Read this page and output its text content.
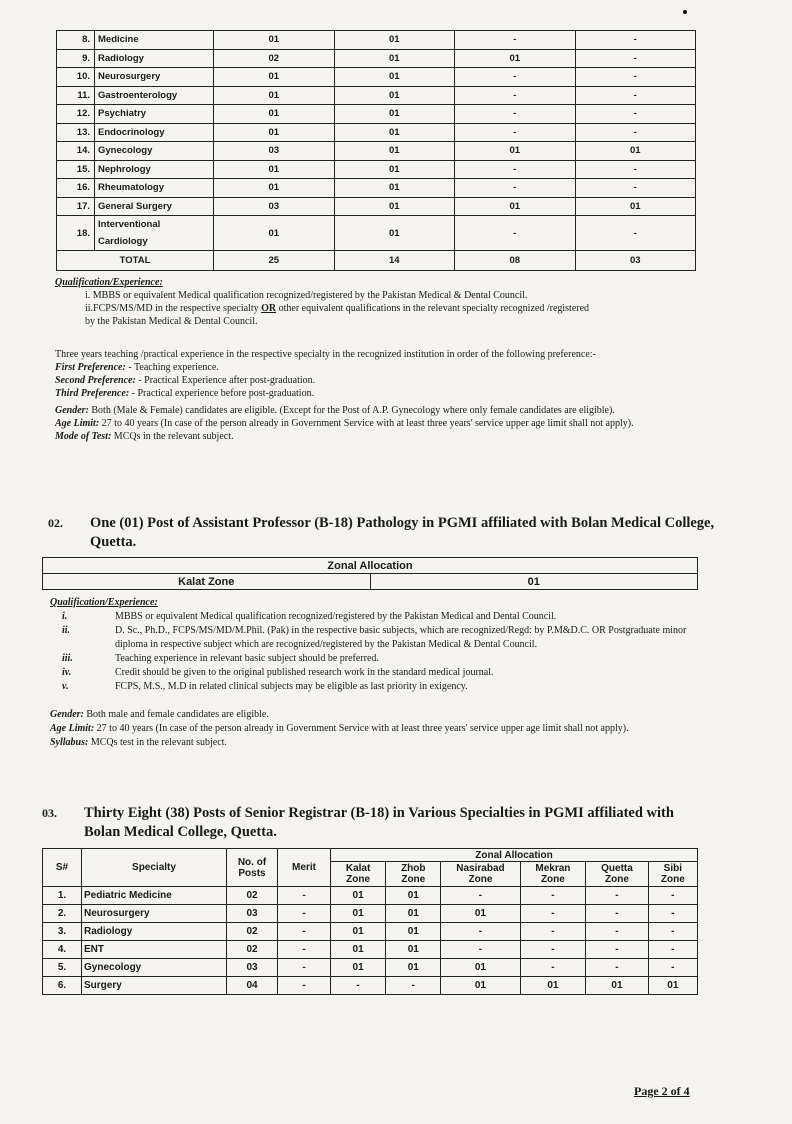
8.	Medicine	01	01	-	-
9.	Radiology	02	01	01	-
10.	Neurosurgery	01	01	-	-
11.	Gastroenterology	01	01	-	-
12.	Psychiatry	01	01	-	-
13.	Endocrinology	01	01	-	-
14.	Gynecology	03	01	01	01
15.	Nephrology	01	01	-	-
16.	Rheumatology	01	01	-	-
17.	General Surgery	03	01	01	01
18.	Interventional Cardiology	01	01	-	-
TOTAL		25	14	08	03
Qualification/Experience:
i. MBBS or equivalent Medical qualification recognized/registered by the Pakistan Medical & Dental Council.
ii.FCPS/MS/MD in the respective specialty OR other equivalent qualifications in the relevant specialty recognized /registered
by the Pakistan Medical & Dental Council.
Three years teaching /practical experience in the respective specialty in the recognized institution in order of the following preference:-
First Preference: - Teaching experience.
Second Preference: - Practical Experience after post-graduation.
Third Preference: - Practical experience before post-graduation.
Gender: Both (Male & Female) candidates are eligible. (Except for the Post of A.P. Gynecology where only female candidates are eligible).
Age Limit: 27 to 40 years (In case of the person already in Government Service with at least three years' service upper age limit shall not apply).
Mode of Test: MCQs in the relevant subject.
02. One (01) Post of Assistant Professor (B-18) Pathology in PGMI affiliated with Bolan Medical College, Quetta.
Zonal Allocation
Kalat Zone	01
Qualification/Experience:
i.	MBBS or equivalent Medical qualification recognized/registered by the Pakistan Medical and Dental Council.
ii.	D. Sc., Ph.D., FCPS/MS/MD/M.Phil. (Pak) in the respective basic subjects, which are recognized/Regd: by P.M&D.C. OR Postgraduate minor diploma in respective subject which are recognized/registered by the Pakistan Medical & Dental Council.
iii.	Teaching experience in relevant basic subject should be preferred.
iv.	Credit should be given to the original published research work in the standard medical journal.
v.	FCPS, M.S., M.D in related clinical subjects may be eligible as last priority in exigency.
Gender: Both male and female candidates are eligible.
Age Limit: 27 to 40 years (In case of the person already in Government Service with at least three years' service upper age limit shall not apply).
Syllabus: MCQs test in the relevant subject.
03. Thirty Eight (38) Posts of Senior Registrar (B-18) in Various Specialties in PGMI affiliated with Bolan Medical College, Quetta.
S#	Specialty	No. of Posts	Merit	Zonal Allocation					
				Kalat Zone	Zhob Zone	Nasirabad Zone	Mekran Zone	Quetta Zone	Sibi Zone
1.	Pediatric Medicine	02	-	01	01	-	-	-	-
2.	Neurosurgery	03	-	01	01	01	-	-	-
3.	Radiology	02	-	01	01	-	-	-	-
4.	ENT	02	-	01	01	-	-	-	-
5.	Gynecology	03	-	01	01	01	-	-	-
6.	Surgery	04	-	-	-	01	01	01	01
Page 2 of 4
